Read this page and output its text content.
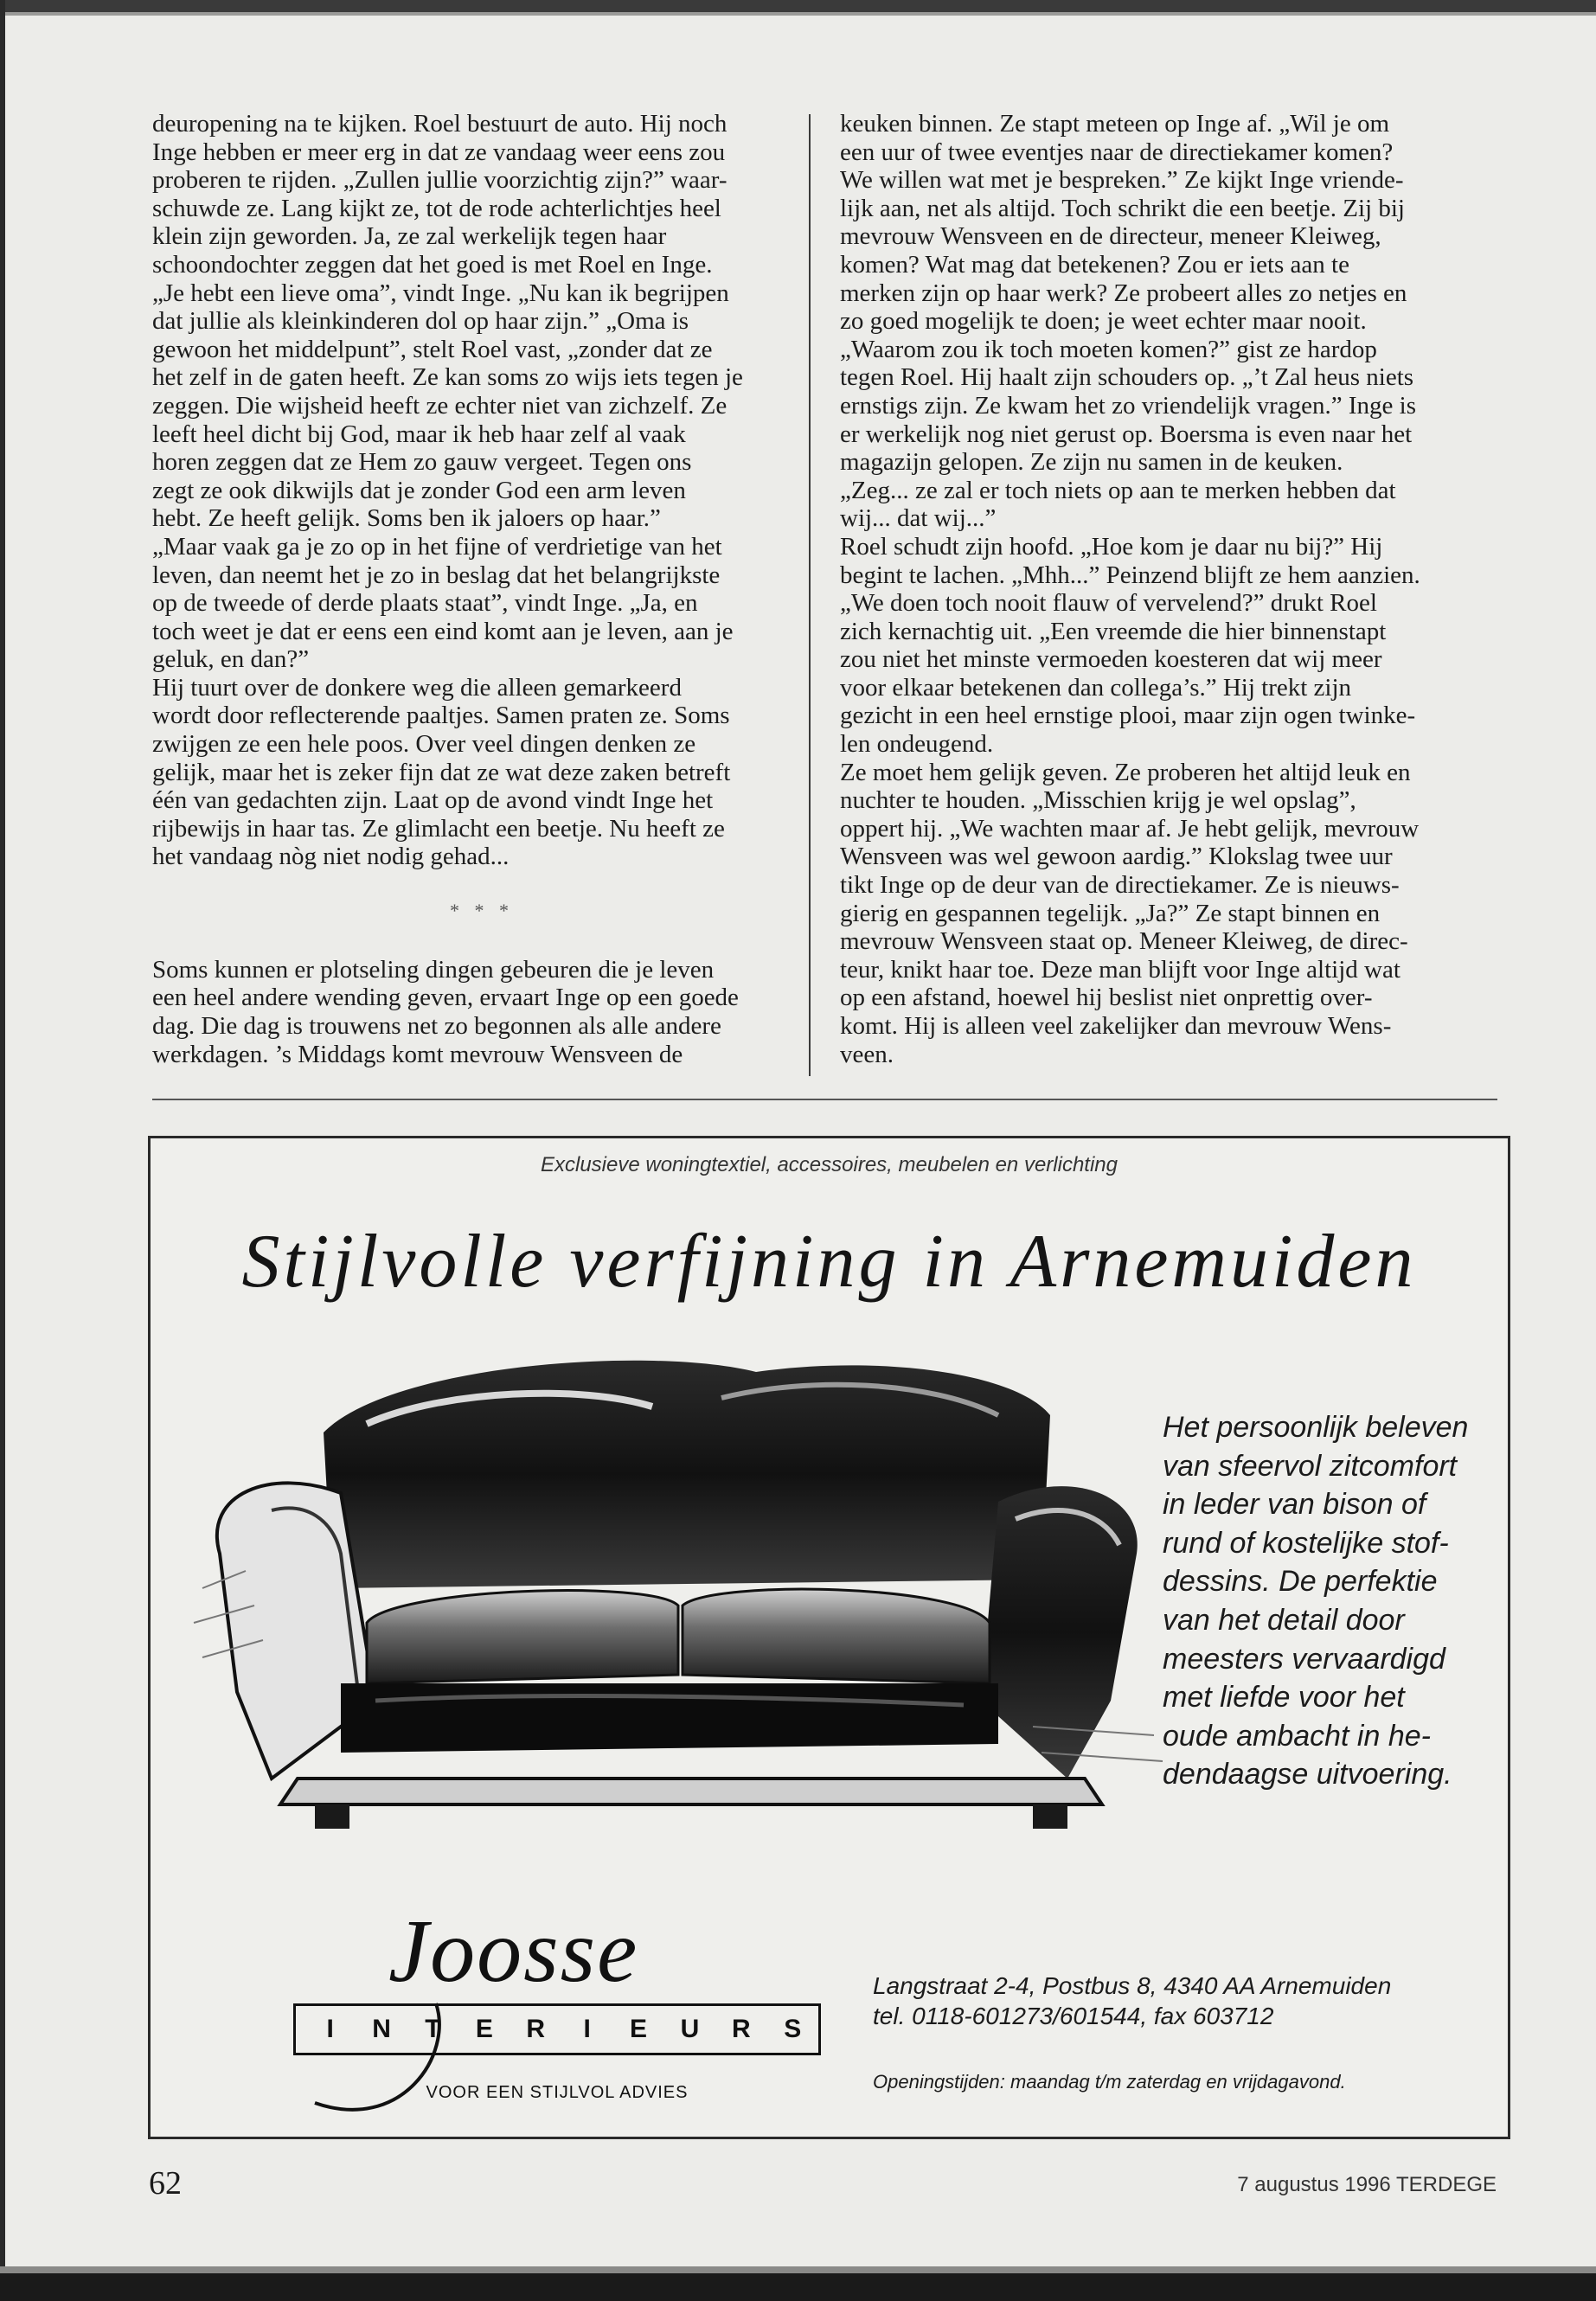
deuropening na te kijken. Roel bestuurt de auto. Hij noch
Inge hebben er meer erg in dat ze vandaag weer eens zou
proberen te rijden. „Zullen jullie voorzichtig zijn?” waar-
schuwde ze. Lang kijkt ze, tot de rode achterlichtjes heel
klein zijn geworden. Ja, ze zal werkelijk tegen haar
schoondochter zeggen dat het goed is met Roel en Inge.
„Je hebt een lieve oma”, vindt Inge. „Nu kan ik begrijpen
dat jullie als kleinkinderen dol op haar zijn.” „Oma is
gewoon het middelpunt”, stelt Roel vast, „zonder dat ze
het zelf in de gaten heeft. Ze kan soms zo wijs iets tegen je
zeggen. Die wijsheid heeft ze echter niet van zichzelf. Ze
leeft heel dicht bij God, maar ik heb haar zelf al vaak
horen zeggen dat ze Hem zo gauw vergeet. Tegen ons
zegt ze ook dikwijls dat je zonder God een arm leven
hebt. Ze heeft gelijk. Soms ben ik jaloers op haar.”
„Maar vaak ga je zo op in het fijne of verdrietige van het
leven, dan neemt het je zo in beslag dat het belangrijkste
op de tweede of derde plaats staat”, vindt Inge. „Ja, en
toch weet je dat er eens een eind komt aan je leven, aan je
geluk, en dan?”
Hij tuurt over de donkere weg die alleen gemarkeerd
wordt door reflecterende paaltjes. Samen praten ze. Soms
zwijgen ze een hele poos. Over veel dingen denken ze
gelijk, maar het is zeker fijn dat ze wat deze zaken betreft
één van gedachten zijn. Laat op de avond vindt Inge het
rijbewijs in haar tas. Ze glimlacht een beetje. Nu heeft ze
het vandaag nòg niet nodig gehad...

Soms kunnen er plotseling dingen gebeuren die je leven
een heel andere wending geven, ervaart Inge op een goede
dag. Die dag is trouwens net zo begonnen als alle andere
werkdagen. ’s Middags komt mevrouw Wensveen de
* * *
keuken binnen. Ze stapt meteen op Inge af. „Wil je om
een uur of twee eventjes naar de directiekamer komen?
We willen wat met je bespreken.” Ze kijkt Inge vriende-
lijk aan, net als altijd. Toch schrikt die een beetje. Zij bij
mevrouw Wensveen en de directeur, meneer Kleiweg,
komen? Wat mag dat betekenen? Zou er iets aan te
merken zijn op haar werk? Ze probeert alles zo netjes en
zo goed mogelijk te doen; je weet echter maar nooit.
„Waarom zou ik toch moeten komen?” gist ze hardop
tegen Roel. Hij haalt zijn schouders op. „’t Zal heus niets
ernstigs zijn. Ze kwam het zo vriendelijk vragen.” Inge is
er werkelijk nog niet gerust op. Boersma is even naar het
magazijn gelopen. Ze zijn nu samen in de keuken.
„Zeg... ze zal er toch niets op aan te merken hebben dat
wij... dat wij...”
Roel schudt zijn hoofd. „Hoe kom je daar nu bij?” Hij
begint te lachen. „Mhh...” Peinzend blijft ze hem aanzien.
„We doen toch nooit flauw of vervelend?” drukt Roel
zich kernachtig uit. „Een vreemde die hier binnenstapt
zou niet het minste vermoeden koesteren dat wij meer
voor elkaar betekenen dan collega’s.” Hij trekt zijn
gezicht in een heel ernstige plooi, maar zijn ogen twinke-
len ondeugend.
Ze moet hem gelijk geven. Ze proberen het altijd leuk en
nuchter te houden. „Misschien krijg je wel opslag”,
oppert hij. „We wachten maar af. Je hebt gelijk, mevrouw
Wensveen was wel gewoon aardig.” Klokslag twee uur
tikt Inge op de deur van de directiekamer. Ze is nieuws-
gierig en gespannen tegelijk. „Ja?” Ze stapt binnen en
mevrouw Wensveen staat op. Meneer Kleiweg, de direc-
teur, knikt haar toe. Deze man blijft voor Inge altijd wat
op een afstand, hoewel hij beslist niet onprettig over-
komt. Hij is alleen veel zakelijker dan mevrouw Wens-
veen.
Exclusieve woningtextiel, accessoires, meubelen en verlichting
Stijlvolle verfijning in Arnemuiden
Het persoonlijk beleven
van sfeervol zitcomfort
in leder van bison of
rund of kostelijke stof-
dessins. De perfektie
van het detail door
meesters vervaardigd
met liefde voor het
oude ambacht in he-
dendaagse uitvoering.
Joosse
I	N	T	E	R	I	E	U	R	S
VOOR EEN STIJLVOL ADVIES
Langstraat 2-4, Postbus 8, 4340 AA Arnemuiden
tel. 0118-601273/601544, fax 603712
Openingstijden: maandag t/m zaterdag en vrijdagavond.
62	7 augustus 1996 TERDEGE
